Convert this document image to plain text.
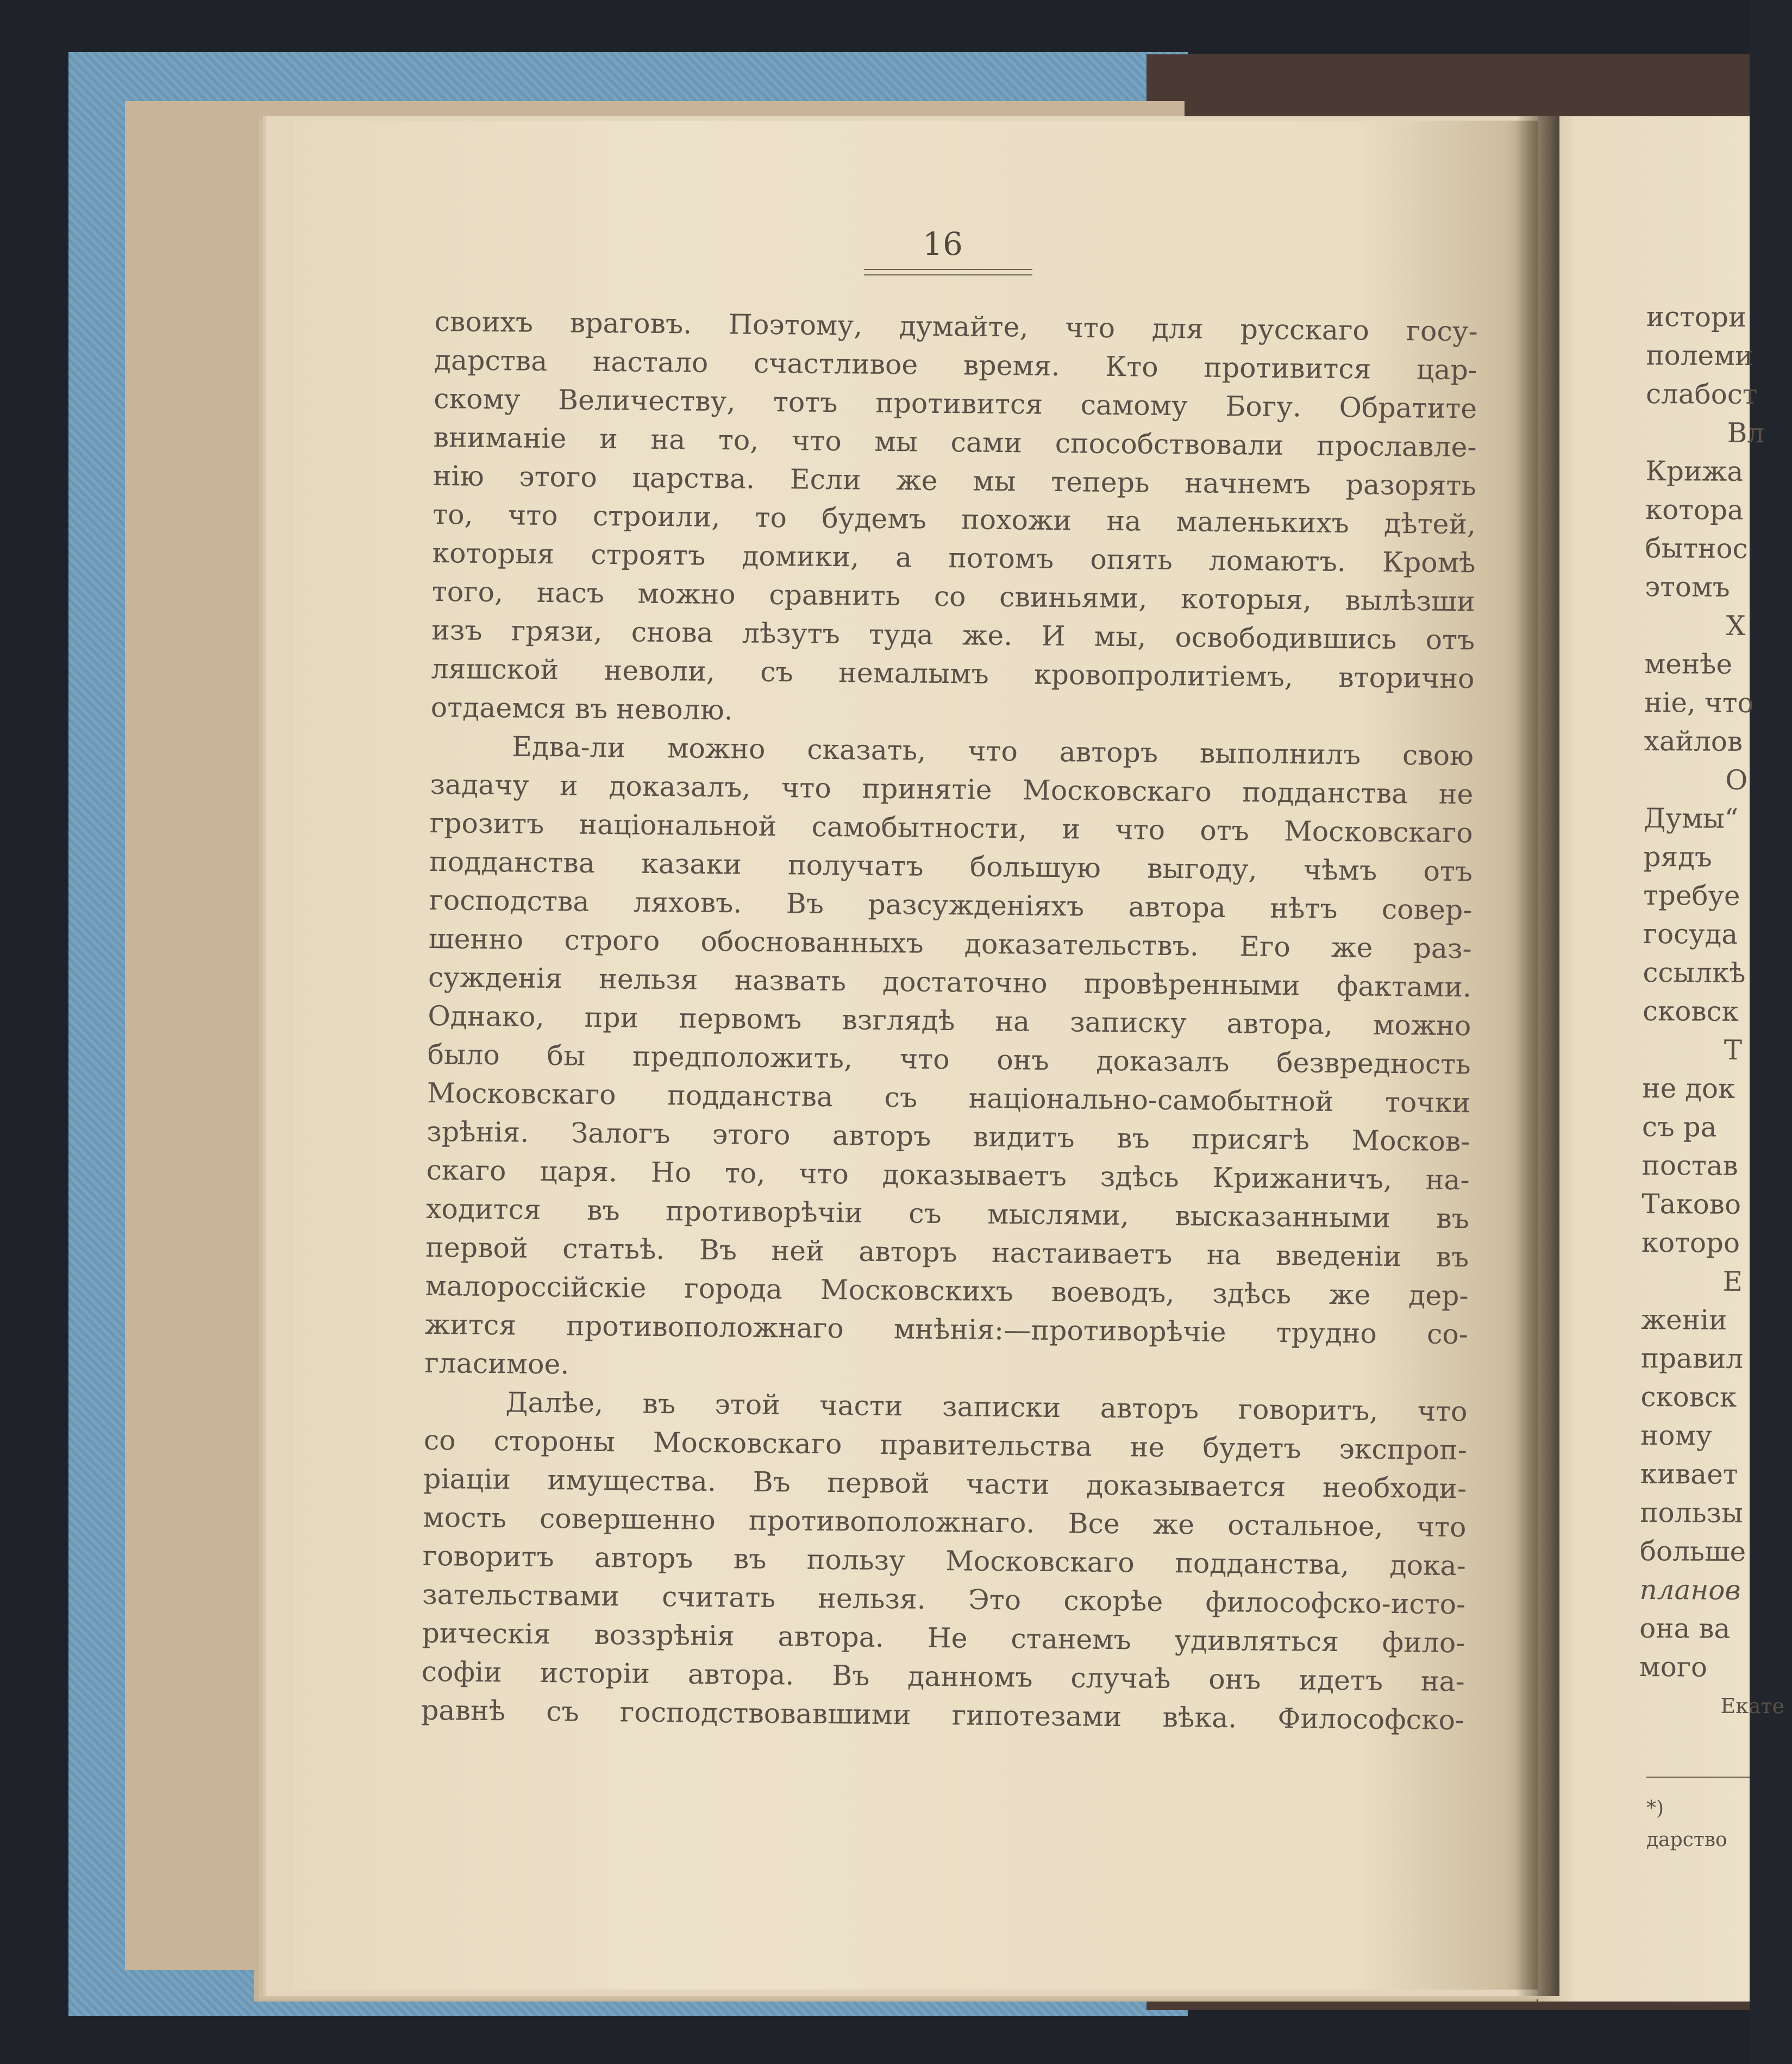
16
своихъ враговъ. Поэтому, думайте, что для русскаго госу-
дарства настало счастливое время. Кто противится цар-
скому Величеству, тотъ противится самому Богу. Обратите
вниманіе и на то, что мы сами способствовали прославле-
нію этого царства. Если же мы теперь начнемъ разорять
то, что строили, то будемъ похожи на маленькихъ дѣтей,
которыя строятъ домики, а потомъ опять ломаютъ. Кромѣ
того, насъ можно сравнить со свиньями, которыя, вылѣзши
изъ грязи, снова лѣзутъ туда же. И мы, освободившись отъ
ляшской неволи, съ немалымъ кровопролитіемъ, вторично
отдаемся въ неволю.
Едва-ли можно сказать, что авторъ выполнилъ свою
задачу и доказалъ, что принятіе Московскаго подданства не
грозитъ національной самобытности, и что отъ Московскаго
подданства казаки получатъ большую выгоду, чѣмъ отъ
господства ляховъ. Въ разсужденіяхъ автора нѣтъ совер-
шенно строго обоснованныхъ доказательствъ. Его же раз-
сужденія нельзя назвать достаточно провѣренными фактами.
Однако, при первомъ взглядѣ на записку автора, можно
было бы предположить, что онъ доказалъ безвредность
Московскаго подданства съ національно-самобытной точки
зрѣнія. Залогъ этого авторъ видитъ въ присягѣ Москов-
скаго царя. Но то, что доказываетъ здѣсь Крижаничъ, на-
ходится въ противорѣчіи съ мыслями, высказанными въ
первой статьѣ. Въ ней авторъ настаиваетъ на введеніи въ
малороссійскіе города Московскихъ воеводъ, здѣсь же дер-
жится противоположнаго мнѣнія:—противорѣчіе трудно со-
гласимое.
Далѣе, въ этой части записки авторъ говоритъ, что
со стороны Московскаго правительства не будетъ экспроп-
ріаціи имущества. Въ первой части доказывается необходи-
мость совершенно противоположнаго. Все же остальное, что
говоритъ авторъ въ пользу Московскаго подданства, дока-
зательствами считать нельзя. Это скорѣе философско-исто-
рическія воззрѣнія автора. Не станемъ удивляться фило-
софіи исторіи автора. Въ данномъ случаѣ онъ идетъ на-
равнѣ съ господствовавшими гипотезами вѣка. Философско-
истори
полеми
слабост
Вл
Крижа
котора
бытнос
этомъ
Х
менѣе
ніе, что
хайлов
О
Думы“
рядъ
требуе
госуда
ссылкѣ
сковск
Т
не док
съ ра
постав
Таково
которо
Е
женіи
правил
сковск
ному
кивает
пользы
больше
планов
она ва
мого
Екате
*)
дарство
